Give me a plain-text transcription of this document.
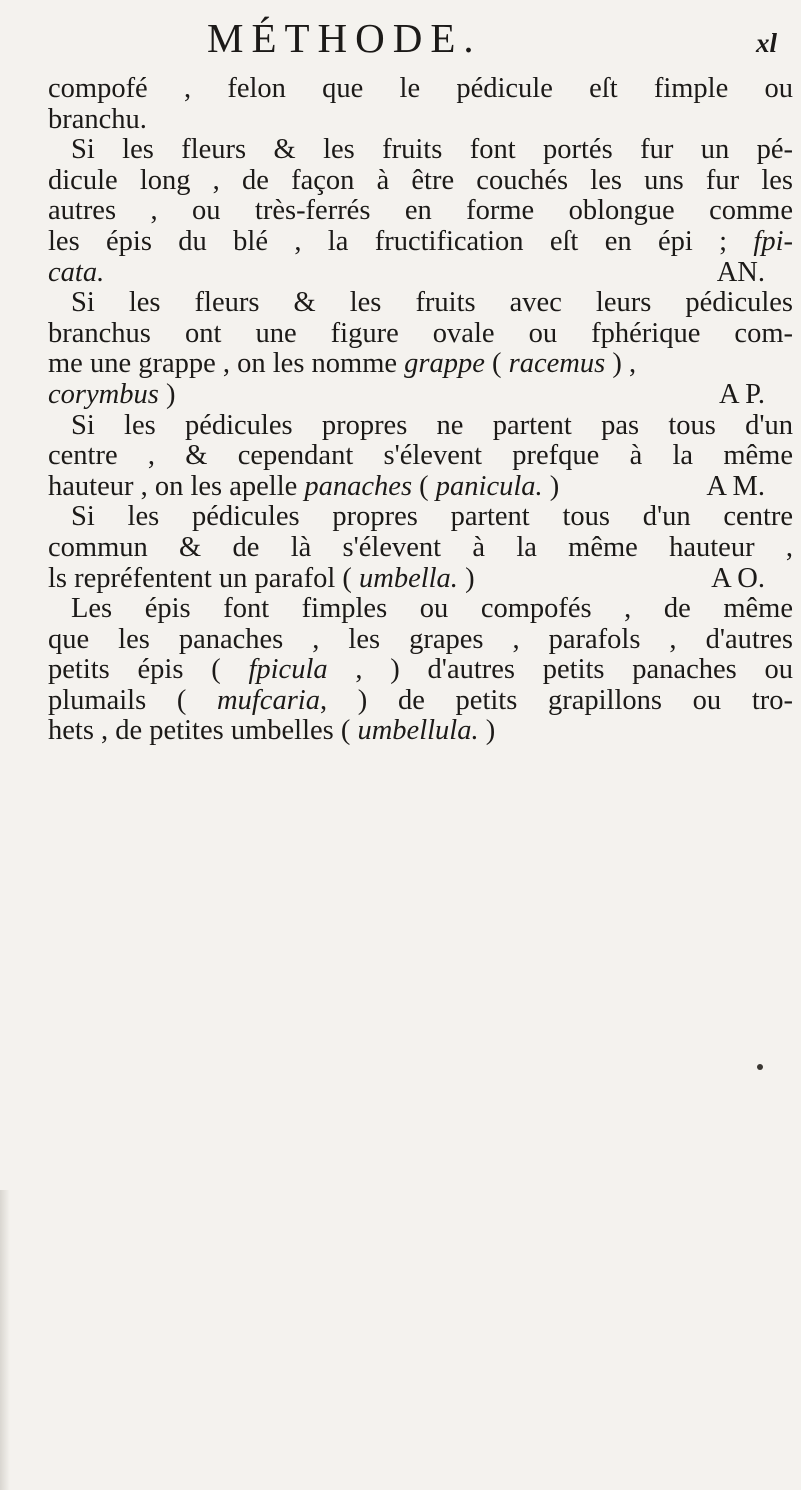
MÉTHODE.	xl
compofé , felon que le pédicule eſt fimple ou
branchu.
Si les fleurs & les fruits font portés fur un pé-
dicule long , de façon à être couchés les uns fur les
autres , ou très-ferrés en forme oblongue comme
les épis du blé , la fructification eſt en épi ; fpi-
cata.	AN.
Si les fleurs & les fruits avec leurs pédicules
branchus ont une figure ovale ou fphérique com-
me une grappe , on les nomme grappe ( racemus ) ,
corymbus )	A P.
Si les pédicules propres ne partent pas tous d'un
centre , & cependant s'élevent prefque à la même
hauteur , on les apelle panaches ( panicula. )	A M.
Si les pédicules propres partent tous d'un centre
commun & de là s'élevent à la même hauteur ,
ls repréfentent un parafol ( umbella. )	A O.
Les épis font fimples ou compofés , de même
que les panaches , les grapes , parafols , d'autres
petits épis ( fpicula , ) d'autres petits panaches ou
plumails ( mufcaria, ) de petits grapillons ou tro-
hets , de petites umbelles ( umbellula. )
